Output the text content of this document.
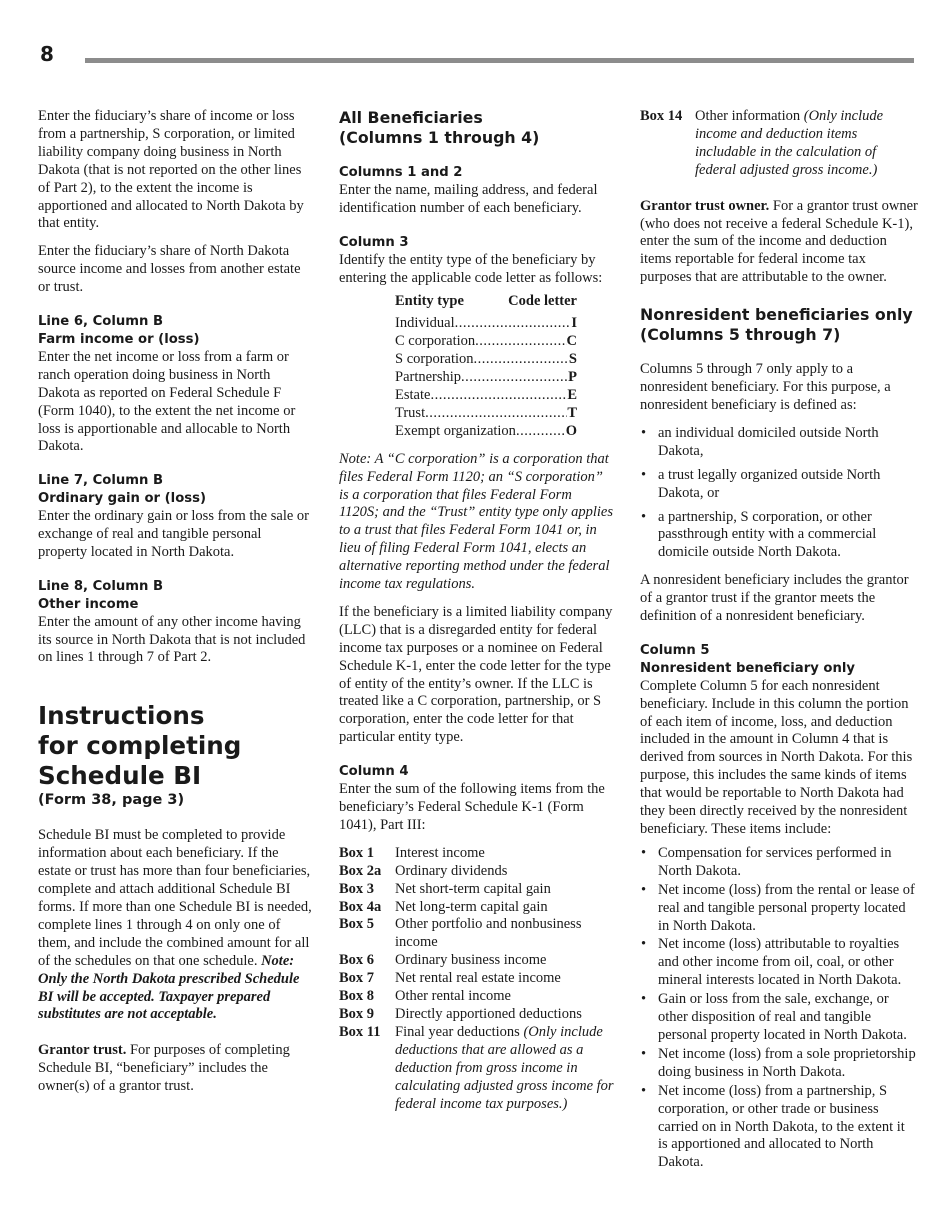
8

Enter the fiduciary’s share of income or loss from a partnership, S corporation, or limited liability company doing business in North Dakota (that is not reported on the other lines of Part 2), to the extent the income is apportioned and allocated to North Dakota by that entity.

Enter the fiduciary’s share of North Dakota source income and losses from another estate or trust.

Line 6, Column B
Farm income or (loss)

Enter the net income or loss from a farm or ranch operation doing business in North Dakota as reported on Federal Schedule F (Form 1040), to the extent the net income or loss is apportionable and allocable to North Dakota.

Line 7, Column B
Ordinary gain or (loss)

Enter the ordinary gain or loss from the sale or exchange of real and tangible personal property located in North Dakota.

Line 8, Column B
Other income

Enter the amount of any other income having its source in North Dakota that is not included on lines 1 through 7 of Part 2.

Instructions
for completing
Schedule BI
(Form 38, page 3)

Schedule BI must be completed to provide information about each beneficiary. If the estate or trust has more than four beneficiaries, complete and attach additional Schedule BI forms. If more than one Schedule BI is needed, complete lines 1 through 4 on only one of them, and include the combined amount for all of the schedules on that one schedule. Note: Only the North Dakota prescribed Schedule BI will be accepted. Taxpayer prepared substitutes are not acceptable.

Grantor trust. For purposes of completing Schedule BI, “beneficiary” includes the owner(s) of a grantor trust.

All Beneficiaries
(Columns 1 through 4)
Columns 1 and 2

Enter the name, mailing address, and federal identification number of each beneficiary.

Column 3

Identify the entity type of the beneficiary by entering the applicable code letter as follows:

Entity type	Code letter
Individual .....	I
C corporation .....	C
S corporation .....	S
Partnership .....	P
Estate .....	E
Trust .....	T
Exempt organization .....	O

Note: A “C corporation” is a corporation that files Federal Form 1120; an “S corporation” is a corporation that files Federal Form 1120S; and the “Trust” entity type only applies to a trust that files Federal Form 1041 or, in lieu of filing Federal Form 1041, elects an alternative reporting method under the federal income tax regulations.

If the beneficiary is a limited liability company (LLC) that is a disregarded entity for federal income tax purposes or a nominee on Federal Schedule K-1, enter the code letter for the type of entity of the entity’s owner. If the LLC is treated like a C corporation, partnership, or S corporation, enter the code letter for that particular entity type.

Column 4

Enter the sum of the following items from the beneficiary’s Federal Schedule K-1 (Form 1041), Part III:

Box 1	Interest income
Box 2a Ordinary dividends
Box 3	Net short-term capital gain
Box 4a Net long-term capital gain
Box 5	Other portfolio and nonbusiness income
Box 6	Ordinary business income
Box 7	Net rental real estate income
Box 8	Other rental income
Box 9	Directly apportioned deductions
Box 11	Final year deductions (Only include deductions that are allowed as a deduction from gross income in calculating adjusted gross income for federal income tax purposes.)
Box 14 Other information (Only include income and deduction items includable in the calculation of federal adjusted gross income.)

Grantor trust owner. For a grantor trust owner (who does not receive a federal Schedule K-1), enter the sum of the income and deduction items reportable for federal income tax purposes that are attributable to the owner.

Nonresident beneficiaries only
(Columns 5 through 7)

Columns 5 through 7 only apply to a nonresident beneficiary. For this purpose, a nonresident beneficiary is defined as:

• an individual domiciled outside North Dakota,
• a trust legally organized outside North Dakota, or
• a partnership, S corporation, or other passthrough entity with a commercial domicile outside North Dakota.

A nonresident beneficiary includes the grantor of a grantor trust if the grantor meets the definition of a nonresident beneficiary.

Column 5
Nonresident beneficiary only

Complete Column 5 for each nonresident beneficiary. Include in this column the portion of each item of income, loss, and deduction included in the amount in Column 4 that is derived from sources in North Dakota. For this purpose, this includes the same kinds of items that would be reportable to North Dakota had they been directly received by the nonresident beneficiary. These items include:

• Compensation for services performed in North Dakota.
• Net income (loss) from the rental or lease of real and tangible personal property located in North Dakota.
• Net income (loss) attributable to royalties and other income from oil, coal, or other mineral interests located in North Dakota.
• Gain or loss from the sale, exchange, or other disposition of real and tangible personal property located in North Dakota.
• Net income (loss) from a sole proprietorship doing business in North Dakota.
• Net income (loss) from a partnership, S corporation, or other trade or business carried on in North Dakota, to the extent it is apportioned and allocated to North Dakota.
